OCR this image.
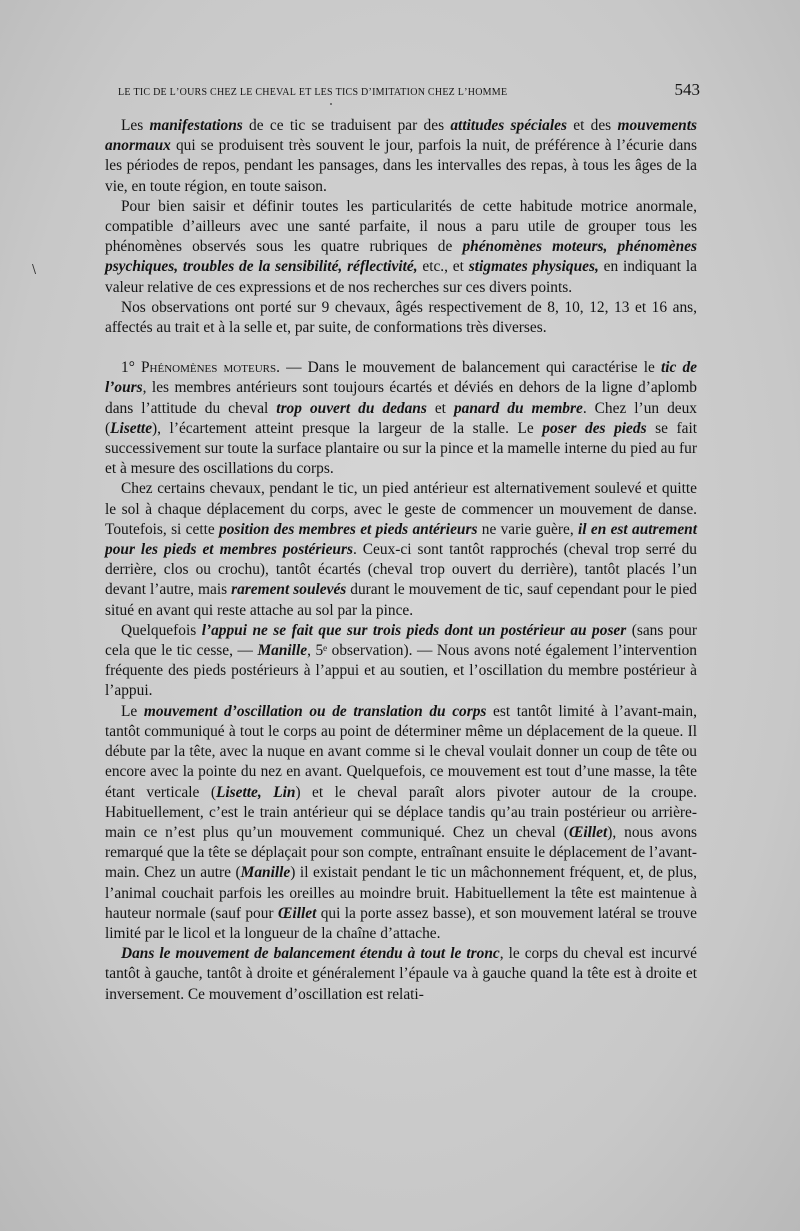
le tic de l’ours chez le cheval et les tics d’imitation chez l’homme	543
\

Les manifestations de ce tic se traduisent par des attitudes spéciales et des mouvements anormaux qui se produisent très souvent le jour, parfois la nuit, de préférence à l’écurie dans les périodes de repos, pendant les pansages, dans les intervalles des repas, à tous les âges de la vie, en toute région, en toute saison.

Pour bien saisir et définir toutes les particularités de cette habitude motrice anormale, compatible d’ailleurs avec une santé parfaite, il nous a paru utile de grouper tous les phénomènes observés sous les quatre rubriques de phénomènes moteurs, phénomènes psychiques, troubles de la sensibilité, réflectivité, etc., et stigmates physiques, en indiquant la valeur relative de ces expressions et de nos recherches sur ces divers points.

Nos observations ont porté sur 9 chevaux, âgés respectivement de 8, 10, 12, 13 et 16 ans, affectés au trait et à la selle et, par suite, de conformations très diverses.

1° Phénomènes moteurs. — Dans le mouvement de balancement qui caractérise le tic de l’ours, les membres antérieurs sont toujours écartés et déviés en dehors de la ligne d’aplomb dans l’attitude du cheval trop ouvert du dedans et panard du membre. Chez l’un deux (Lisette), l’écartement atteint presque la largeur de la stalle. Le poser des pieds se fait successivement sur toute la surface plantaire ou sur la pince et la mamelle interne du pied au fur et à mesure des oscillations du corps.

Chez certains chevaux, pendant le tic, un pied antérieur est alternativement soulevé et quitte le sol à chaque déplacement du corps, avec le geste de commencer un mouvement de danse. Toutefois, si cette position des membres et pieds antérieurs ne varie guère, il en est autrement pour les pieds et membres postérieurs. Ceux-ci sont tantôt rapprochés (cheval trop serré du derrière, clos ou crochu), tantôt écartés (cheval trop ouvert du derrière), tantôt placés l’un devant l’autre, mais rarement soulevés durant le mouvement de tic, sauf cependant pour le pied situé en avant qui reste attache au sol par la pince.

Quelquefois l’appui ne se fait que sur trois pieds dont un postérieur au poser (sans pour cela que le tic cesse, — Manille, 5ᵉ observation). — Nous avons noté également l’intervention fréquente des pieds postérieurs à l’appui et au soutien, et l’oscillation du membre postérieur à l’appui.

Le mouvement d’oscillation ou de translation du corps est tantôt limité à l’avant-main, tantôt communiqué à tout le corps au point de déterminer même un déplacement de la queue. Il débute par la tête, avec la nuque en avant comme si le cheval voulait donner un coup de tête ou encore avec la pointe du nez en avant. Quelquefois, ce mouvement est tout d’une masse, la tête étant verticale (Lisette, Lin) et le cheval paraît alors pivoter autour de la croupe. Habituellement, c’est le train antérieur qui se déplace tandis qu’au train postérieur ou arrière-main ce n’est plus qu’un mouvement communiqué. Chez un cheval (Œillet), nous avons remarqué que la tête se déplaçait pour son compte, entraînant ensuite le déplacement de l’avant-main. Chez un autre (Manille) il existait pendant le tic un mâchonnement fréquent, et, de plus, l’animal couchait parfois les oreilles au moindre bruit. Habituellement la tête est maintenue à hauteur normale (sauf pour Œillet qui la porte assez basse), et son mouvement latéral se trouve limité par le licol et la longueur de la chaîne d’attache.

Dans le mouvement de balancement étendu à tout le tronc, le corps du cheval est incurvé tantôt à gauche, tantôt à droite et généralement l’épaule va à gauche quand la tête est à droite et inversement. Ce mouvement d’oscillation est relati-
